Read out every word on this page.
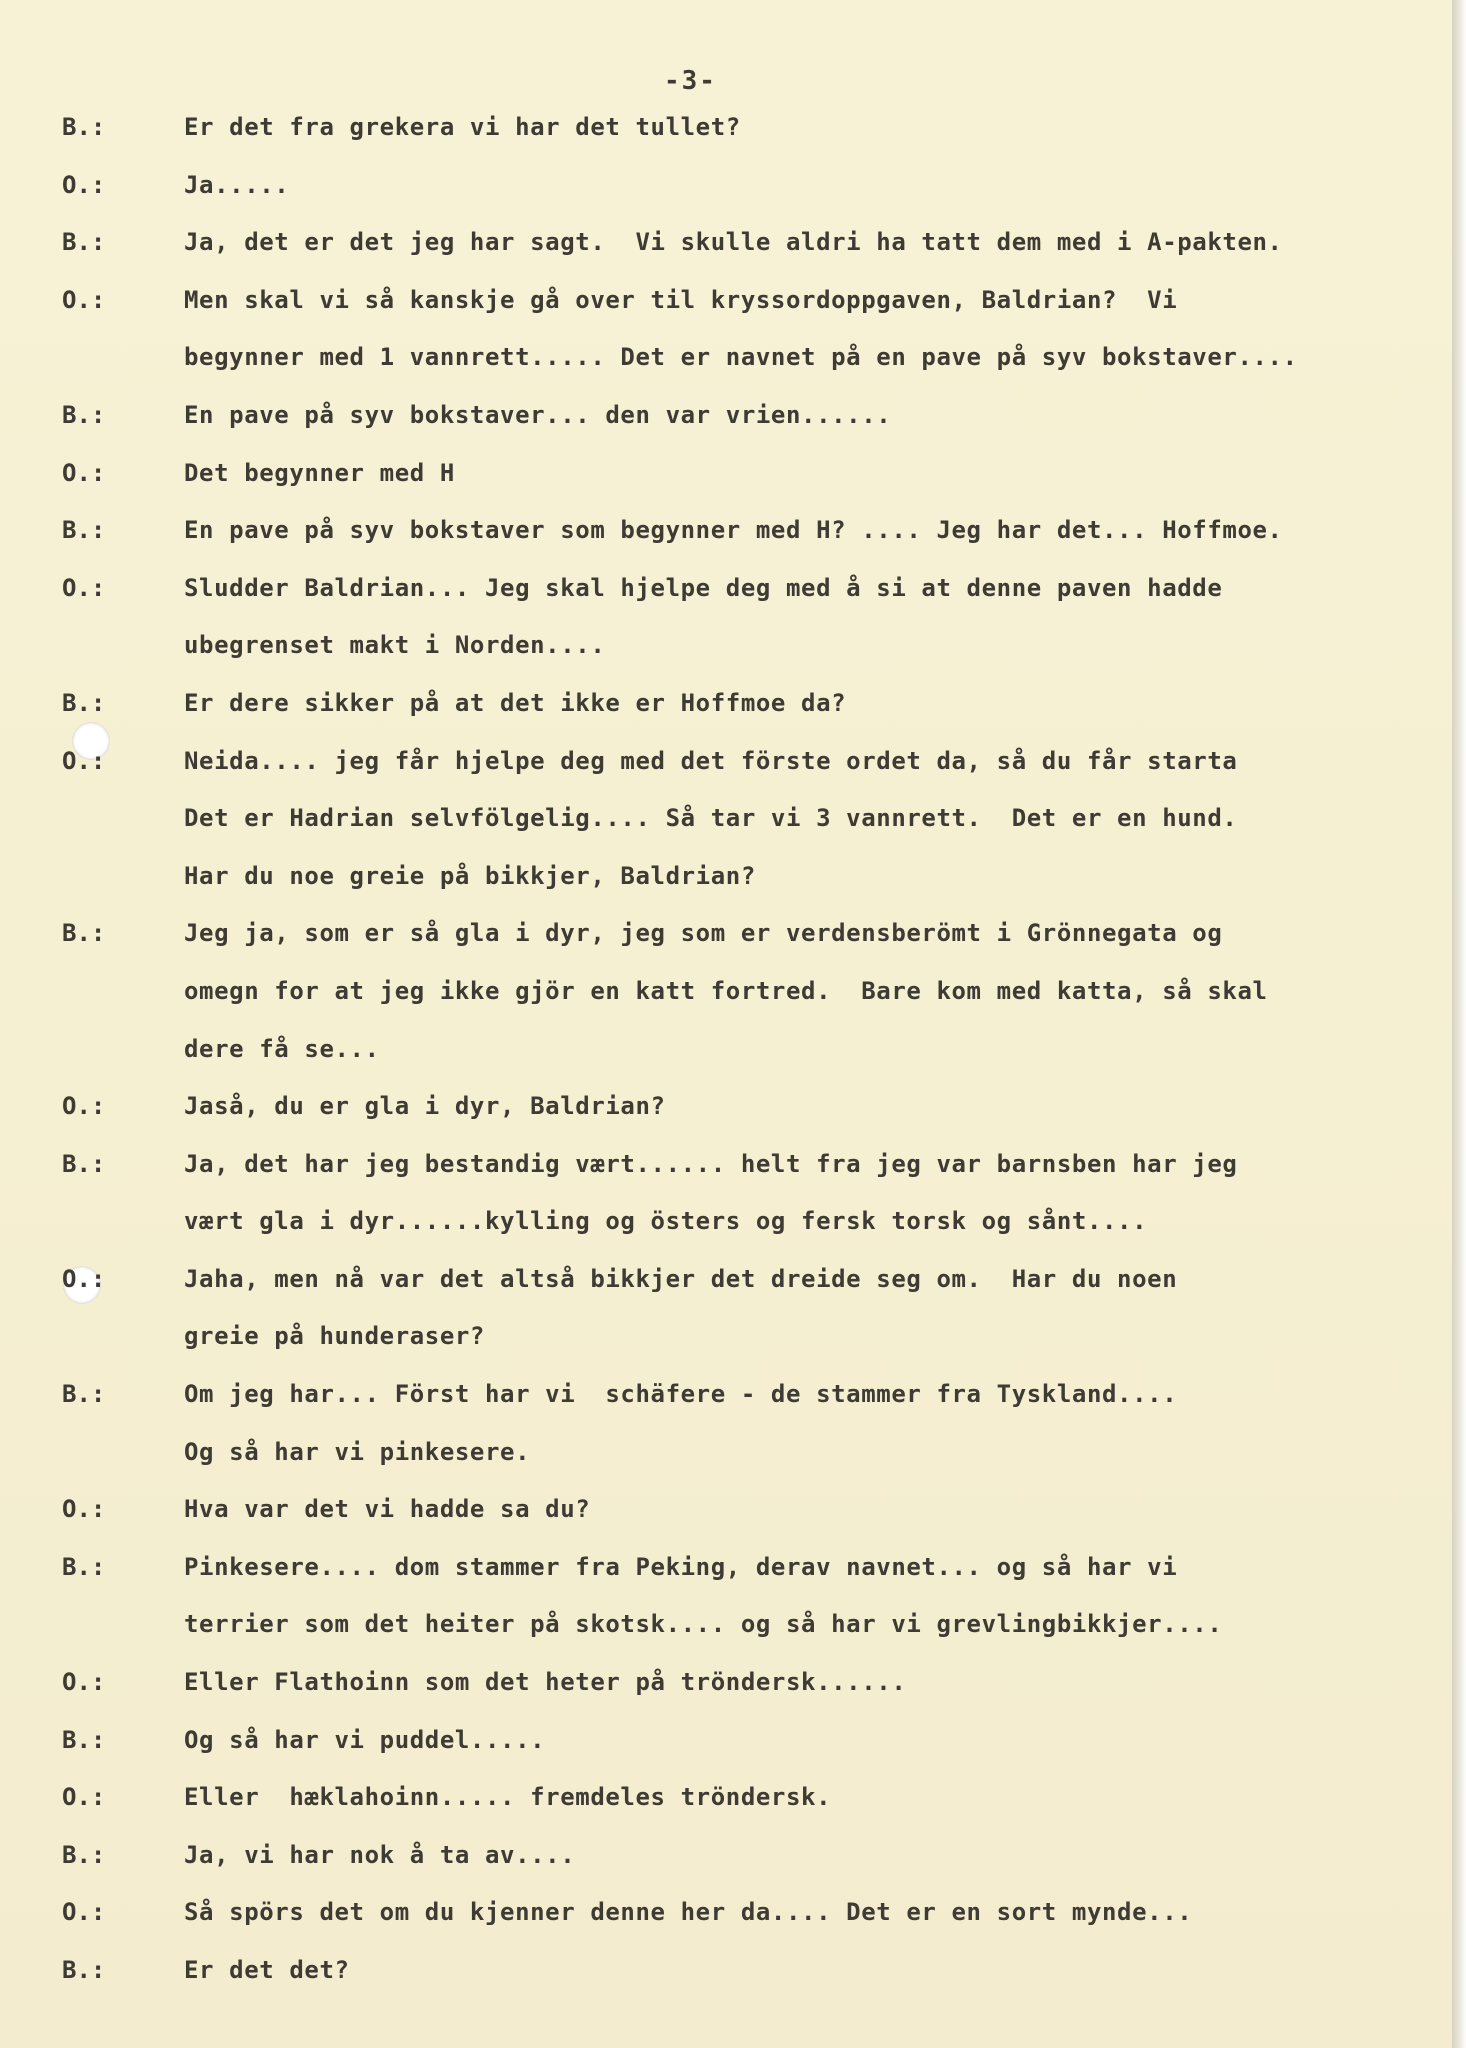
-3-
B.:	Er det fra grekera vi har det tullet?
O.:	Ja.....
B.:	Ja, det er det jeg har sagt.  Vi skulle aldri ha tatt dem med i A-pakten.
O.:	Men skal vi så kanskje gå over til kryssordoppgaven, Baldrian?  Vi
begynner med 1 vannrett..... Det er navnet på en pave på syv bokstaver....
B.:	En pave på syv bokstaver... den var vrien......
O.:	Det begynner med H
B.:	En pave på syv bokstaver som begynner med H? .... Jeg har det... Hoffmoe.
O.:	Sludder Baldrian... Jeg skal hjelpe deg med å si at denne paven hadde
ubegrenset makt i Norden....
B.:	Er dere sikker på at det ikke er Hoffmoe da?
O.:	Neida.... jeg får hjelpe deg med det förste ordet da, så du får starta
Det er Hadrian selvfölgelig.... Så tar vi 3 vannrett.  Det er en hund.
Har du noe greie på bikkjer, Baldrian?
B.:	Jeg ja, som er så gla i dyr, jeg som er verdensberömt i Grönnegata og
omegn for at jeg ikke gjör en katt fortred.  Bare kom med katta, så skal
dere få se...
O.:	Jaså, du er gla i dyr, Baldrian?
B.:	Ja, det har jeg bestandig vært...... helt fra jeg var barnsben har jeg
vært gla i dyr......kylling og östers og fersk torsk og sånt....
O.:	Jaha, men nå var det altså bikkjer det dreide seg om.  Har du noen
greie på hunderaser?
B.:	Om jeg har... Först har vi  schäfere - de stammer fra Tyskland....
Og så har vi pinkesere.
O.:	Hva var det vi hadde sa du?
B.:	Pinkesere.... dom stammer fra Peking, derav navnet... og så har vi
terrier som det heiter på skotsk.... og så har vi grevlingbikkjer....
O.:	Eller Flathoinn som det heter på tröndersk......
B.:	Og så har vi puddel.....
O.:	Eller  hæklahoinn..... fremdeles tröndersk.
B.:	Ja, vi har nok å ta av....
O.:	Så spörs det om du kjenner denne her da.... Det er en sort mynde...
B.:	Er det det?
